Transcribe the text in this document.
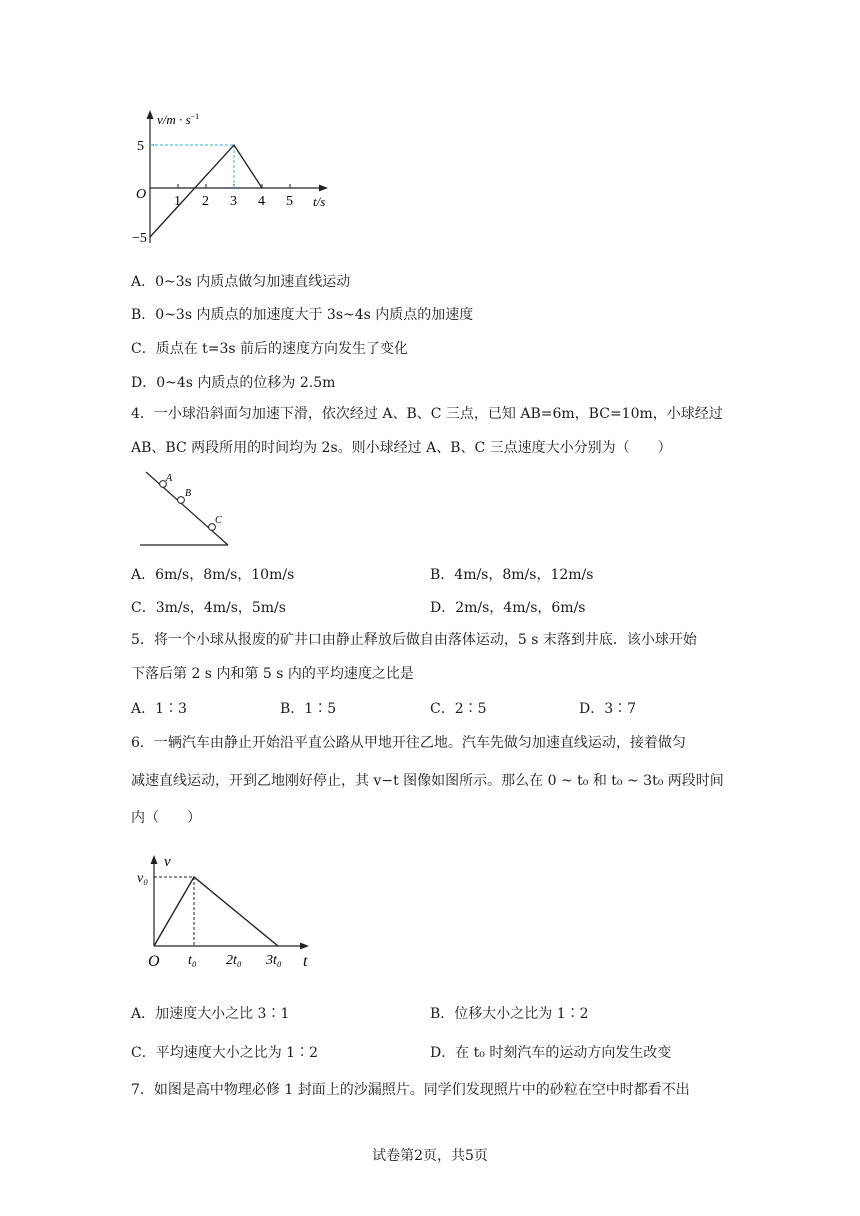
$v/m \cdot s^{-1}$
5
O
−5
1 2 3 4 5 t/s
A．0~3s 内质点做匀加速直线运动
B．0~3s 内质点的加速度大于 3s~4s 内质点的加速度
C．质点在 t=3s 前后的速度方向发生了变化
D．0~4s 内质点的位移为 2.5m
4．一小球沿斜面匀加速下滑，依次经过 A、B、C 三点，已知 AB=6m，BC=10m，小球经过
AB、BC 两段所用的时间均为 2s。则小球经过 A、B、C 三点速度大小分别为（　　）
A
B
C
A．6m/s，8m/s，10m/s	B．4m/s，8m/s，12m/s
C．3m/s，4m/s，5m/s	D．2m/s，4m/s，6m/s
5．将一个小球从报废的矿井口由静止释放后做自由落体运动，5 s 末落到井底．该小球开始
下落后第 2 s 内和第 5 s 内的平均速度之比是
A．1∶3	B．1∶5	C．2∶5	D．3∶7
6．一辆汽车由静止开始沿平直公路从甲地开往乙地。汽车先做匀加速直线运动，接着做匀
减速直线运动，开到乙地刚好停止，其 v−t 图像如图所示。那么在 0 ~ t₀ 和 t₀ ~ 3t₀ 两段时间
内（　　）
v
v₀
O t₀ 2t₀ 3t₀ t
A．加速度大小之比 3∶1	B．位移大小之比为 1∶2
C．平均速度大小之比为 1∶2	D．在 t₀ 时刻汽车的运动方向发生改变
7．如图是高中物理必修 1 封面上的沙漏照片。同学们发现照片中的砂粒在空中时都看不出
试卷第2页，共5页
